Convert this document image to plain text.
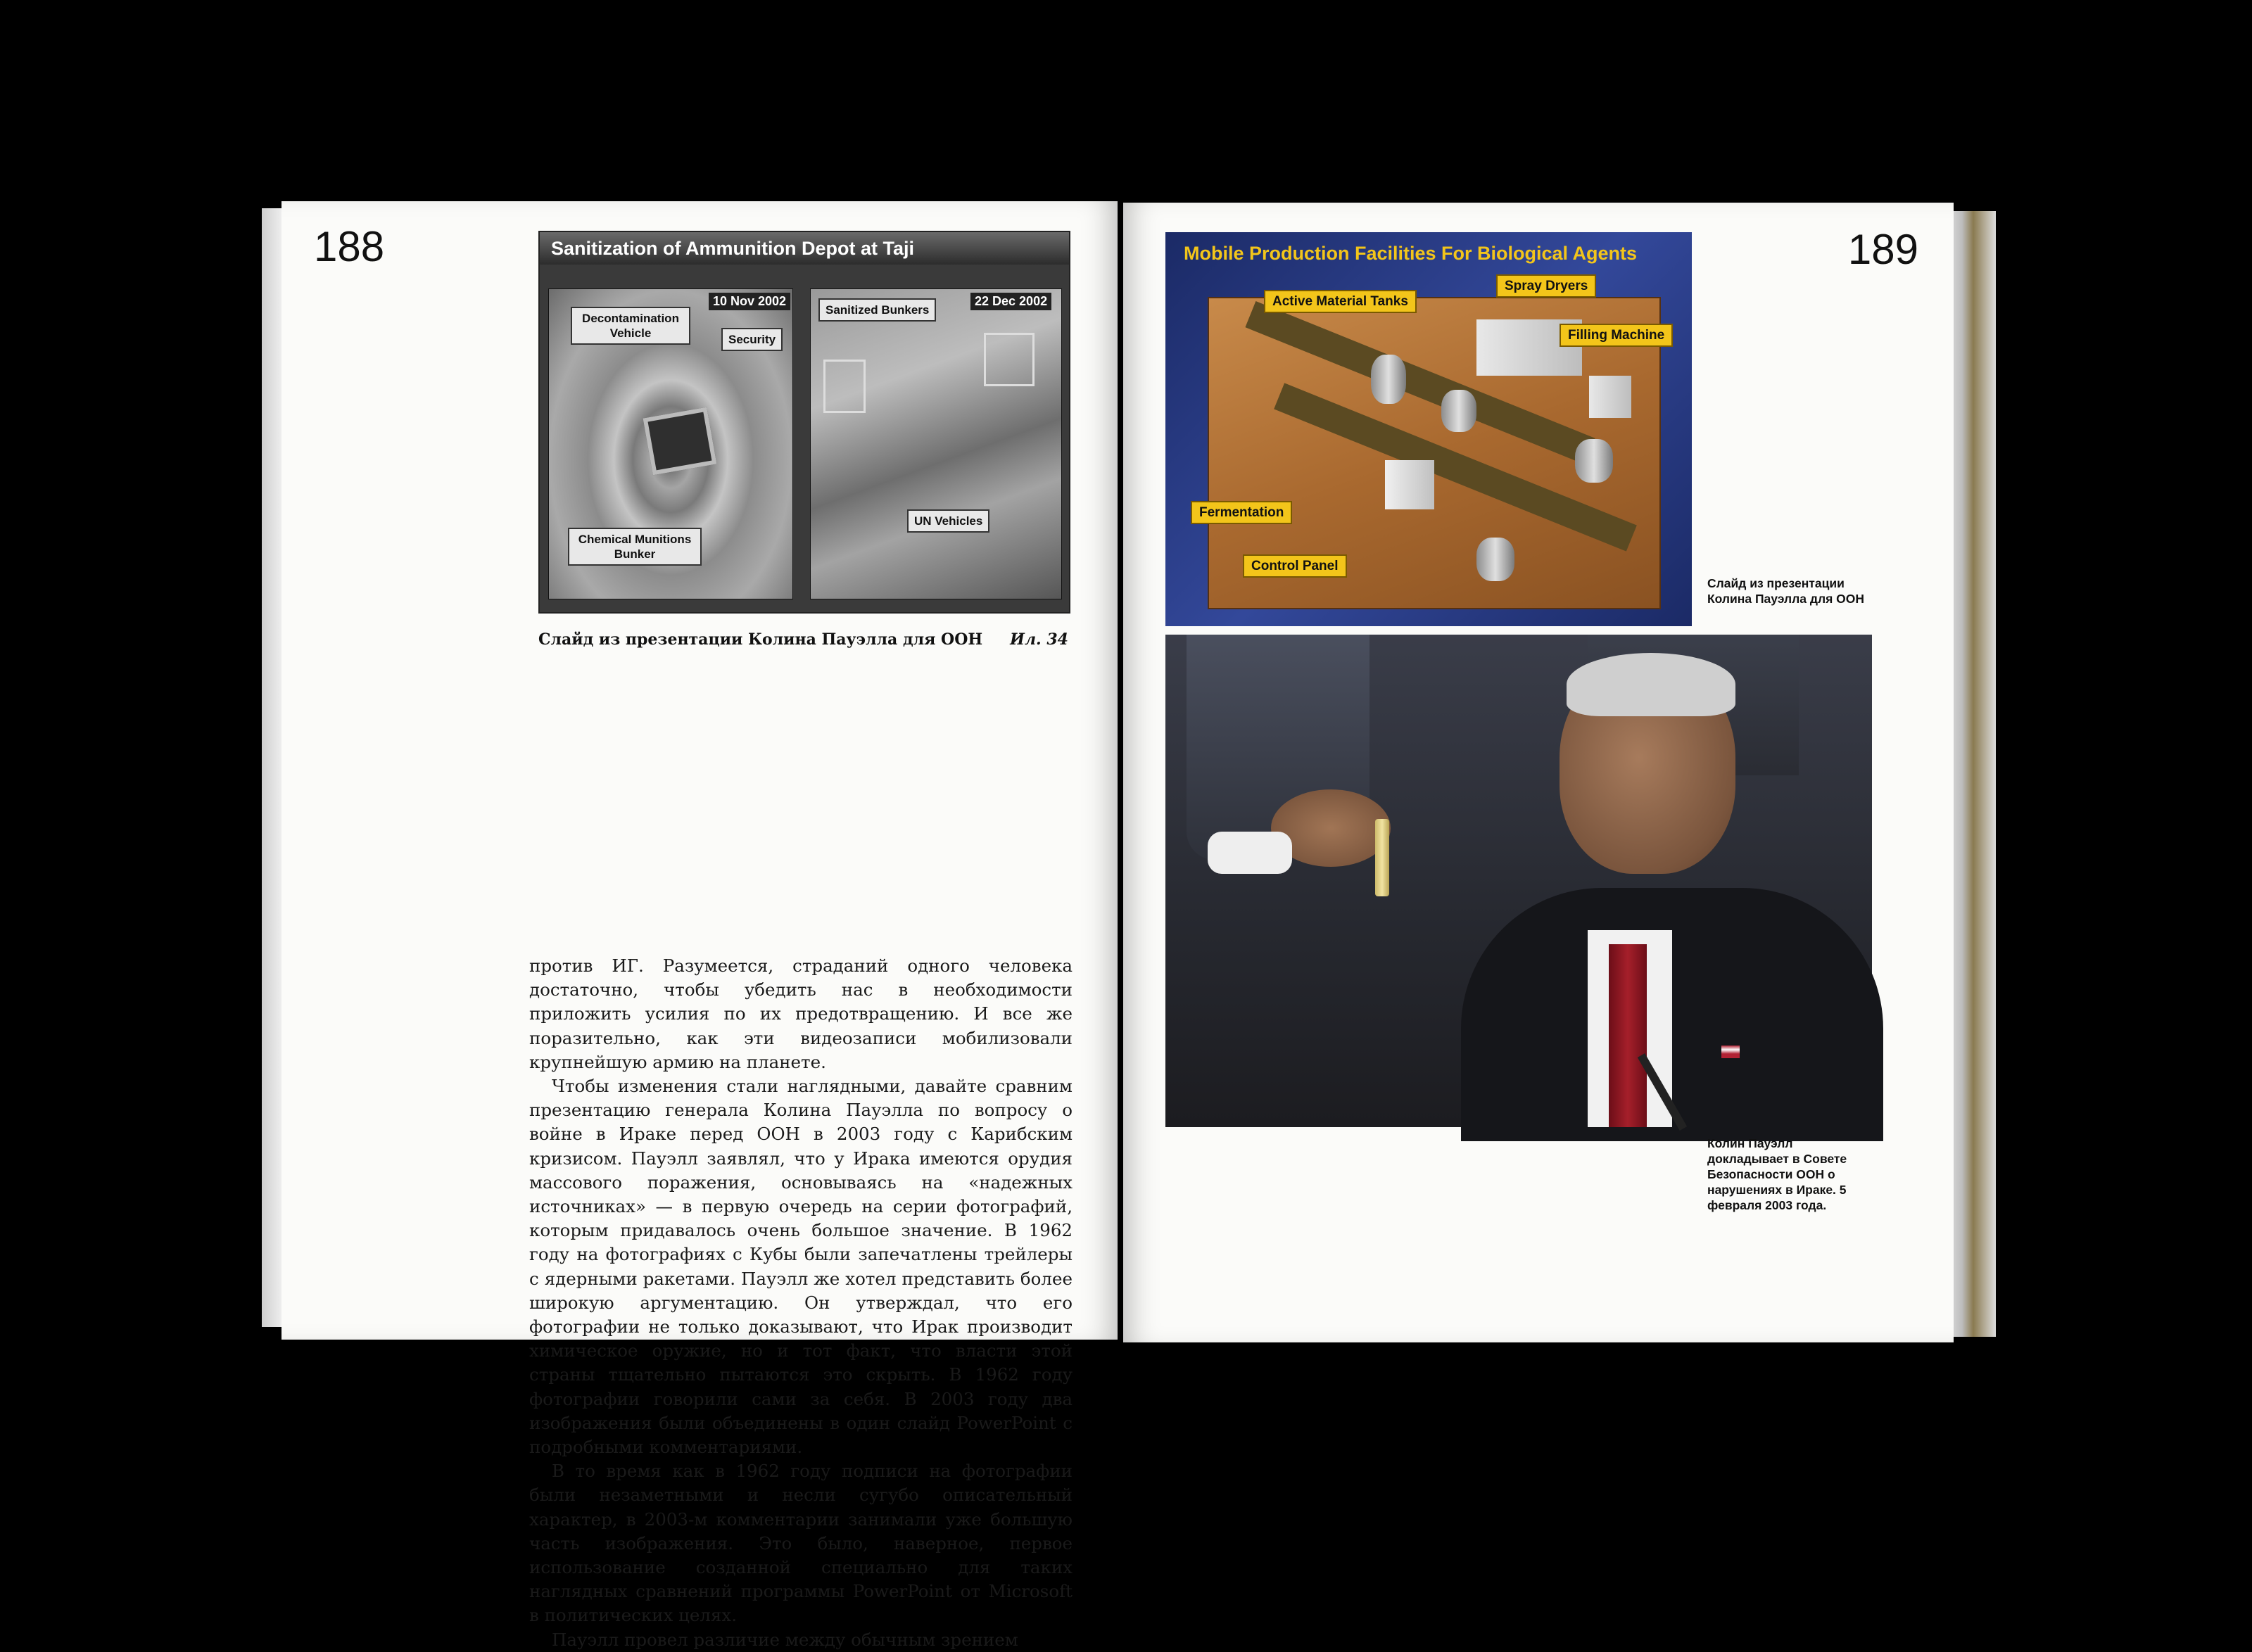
188	Sanitization of Ammunition Depot at Taji
10 Nov 2002	22 Dec 2002
Decontamination Vehicle	Security
Chemical Munitions Bunker
Sanitized Bunkers
UN Vehicles
Слайд из презентации Колина Пауэлла для ООН Ил. 34

против ИГ. Разумеется, страданий одного человека достаточно, чтобы убедить нас в необходимости приложить усилия по их предотвращению. И все же поразительно, как эти видеозаписи мобилизовали крупнейшую армию на планете.

Чтобы изменения стали наглядными, давайте сравним презентацию генерала Колина Пауэлла по вопросу о войне в Ираке перед ООН в 2003 году с Карибским кризисом. Пауэлл заявлял, что у Ирака имеются орудия массового поражения, основываясь на «надежных источниках» — в первую очередь на серии фотографий, которым придавалось очень большое значение. В 1962 году на фотографиях с Кубы были запечатлены трейлеры с ядерными ракетами. Пауэлл же хотел представить более широкую аргументацию. Он утверждал, что его фотографии не только доказывают, что Ирак производит химическое оружие, но и тот факт, что власти этой страны тщательно пытаются это скрыть. В 1962 году фотографии говорили сами за себя. В 2003 году два изображения были объединены в один слайд PowerPoint с подробными комментариями.

В то время как в 1962 году подписи на фотографии были незаметными и несли сугубо описательный характер, в 2003-м комментарии занимали уже большую часть изображения. Это было, наверное, первое использование созданной специально для таких наглядных сравнений программы PowerPoint от Microsoft в политических целях.

Пауэлл провел различие между обычным зрением

189
Mobile Production Facilities For Biological Agents
Active Material Tanks
Spray Dryers
Filling Machine
Fermentation
Control Panel
Слайд из презентации Колина Пауэлла для ООН
Колин Пауэлл докладывает в Совете Безопасности ООН о нарушениях в Ираке. 5 февраля 2003 года.
